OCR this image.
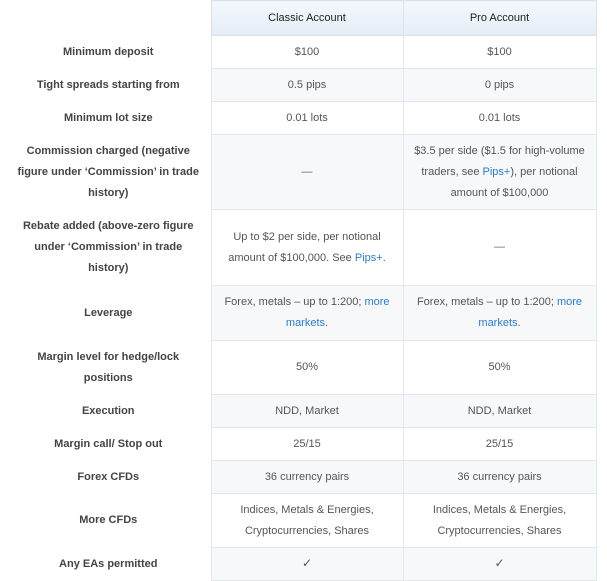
	Classic Account	Pro Account
Minimum deposit	$100	$100
Tight spreads starting from	0.5 pips	0 pips
Minimum lot size	0.01 lots	0.01 lots
Commission charged (negative figure under ‘Commission’ in trade history)	—	$3.5 per side ($1.5 for high-volume traders, see Pips+), per notional amount of $100,000
Rebate added (above-zero figure under ‘Commission’ in trade history)	Up to $2 per side, per notional amount of $100,000. See Pips+.	—
Leverage	Forex, metals – up to 1:200; more markets.	Forex, metals – up to 1:200; more markets.
Margin level for hedge/lock positions	50%	50%
Execution	NDD, Market	NDD, Market
Margin call/ Stop out	25/15	25/15
Forex CFDs	36 currency pairs	36 currency pairs
More CFDs	Indices, Metals & Energies, Cryptocurrencies, Shares	Indices, Metals & Energies, Cryptocurrencies, Shares
Any EAs permitted	✓	✓
